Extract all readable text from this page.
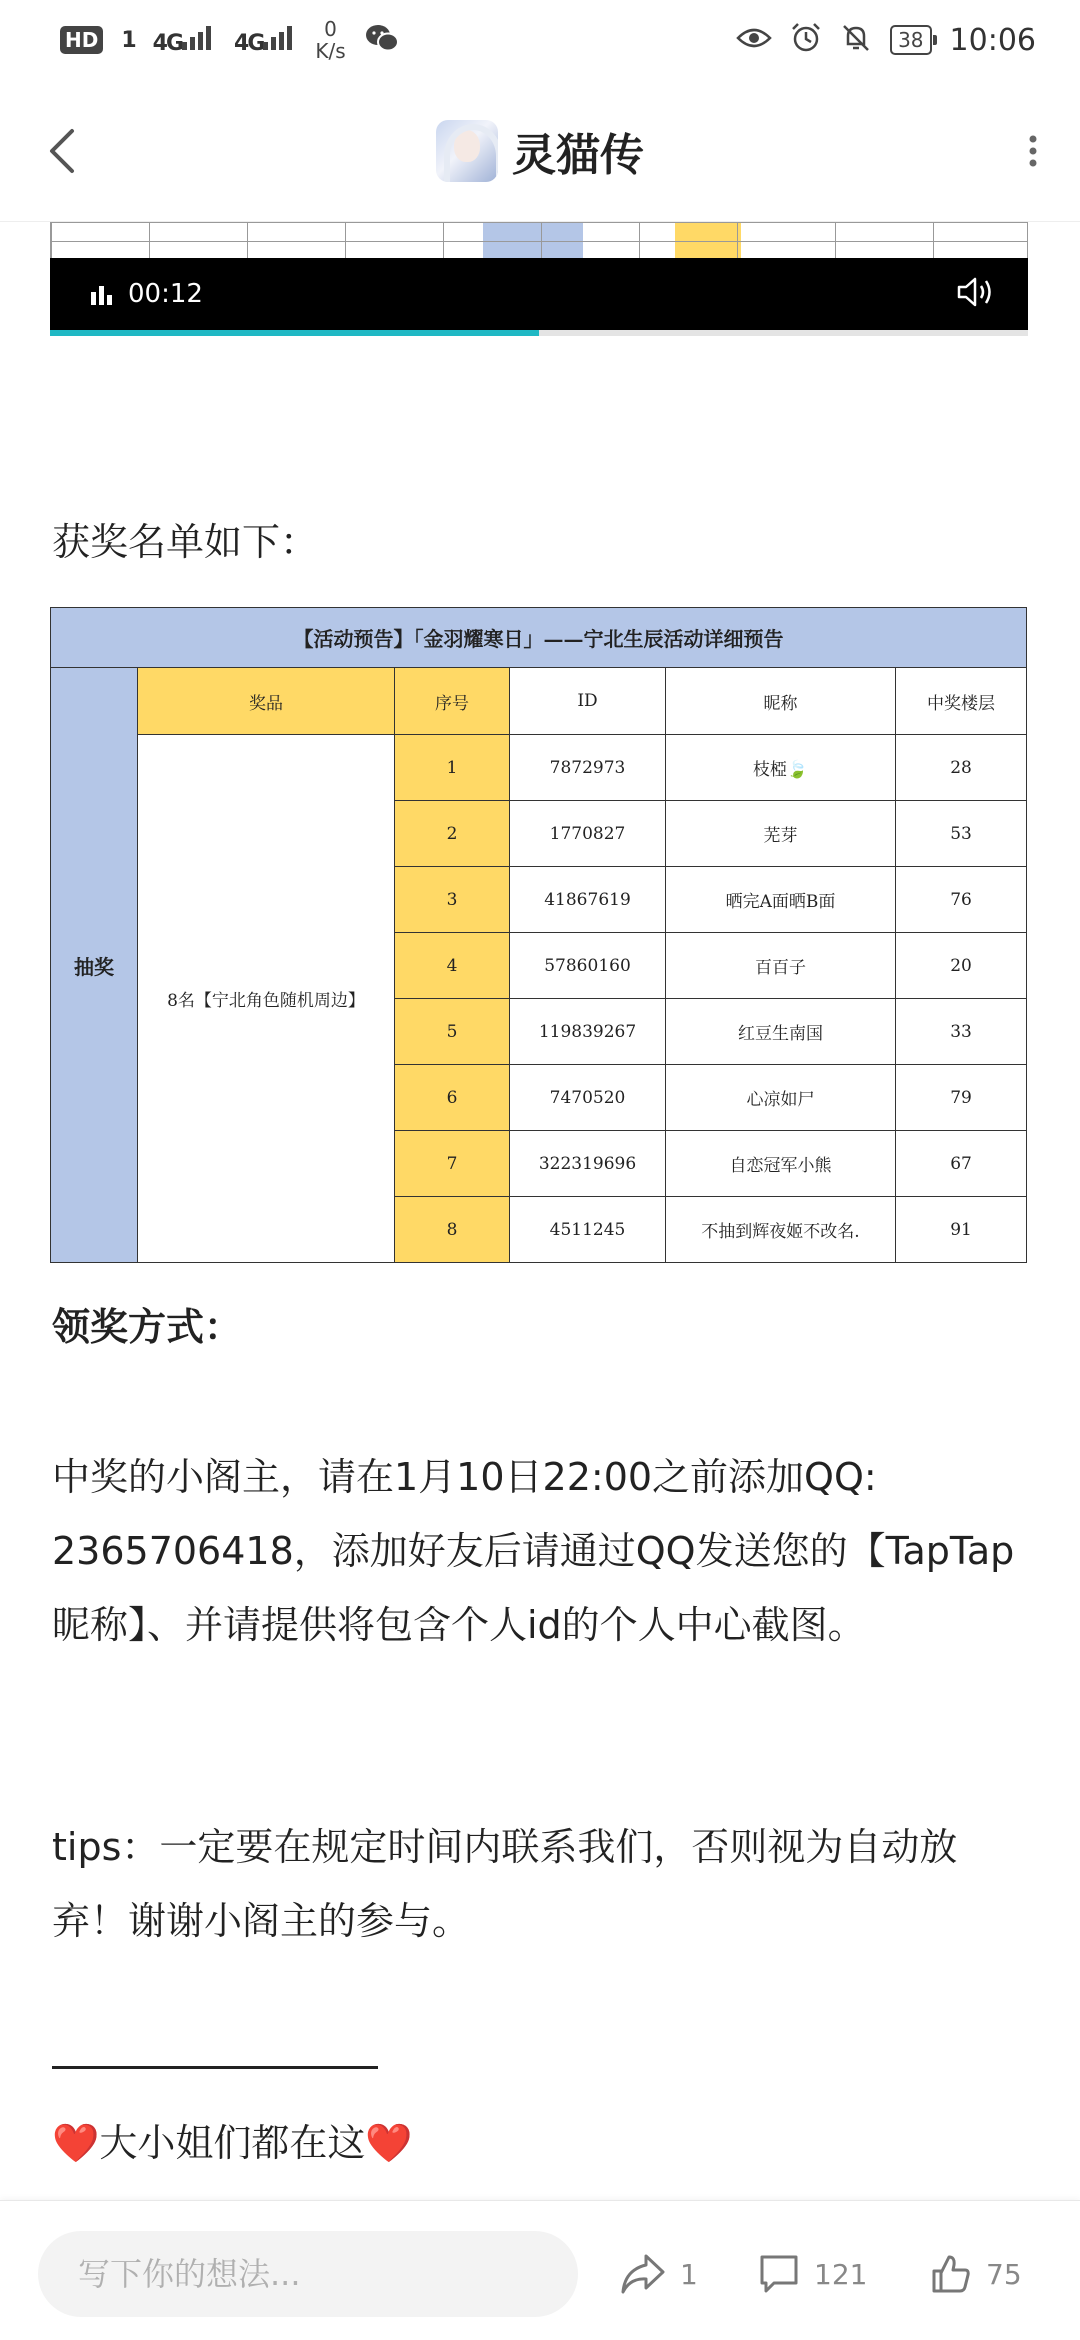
HD 1 4G	4G
0
K/s	38 10:06
灵猫传
00:12
获奖名单如下：
【活动预告】「金羽耀寒日」——宁北生辰活动详细预告					
抽奖	奖品	序号	ID	昵称	中奖楼层
	8名【宁北角色随机周边】	1	7872973	枝椏🍃	28
		2	1770827	芜芽	53
		3	41867619	晒完A面晒B面	76
		4	57860160	百百子	20
		5	119839267	红豆生南国	33
		6	7470520	心凉如尸	79
		7	322319696	自恋冠军小熊	67
		8	4511245	不抽到辉夜姬不改名.	91
领奖方式：
中奖的小阁主，请在1月10日22:00之前添加QQ: 2365706418，添加好友后请通过QQ发送您的【TapTap昵称】、并请提供将包含个人id的个人中心截图。
tips：一定要在规定时间内联系我们，否则视为自动放弃！谢谢小阁主的参与。
❤️大小姐们都在这❤️
写下你的想法...
1	121	75
